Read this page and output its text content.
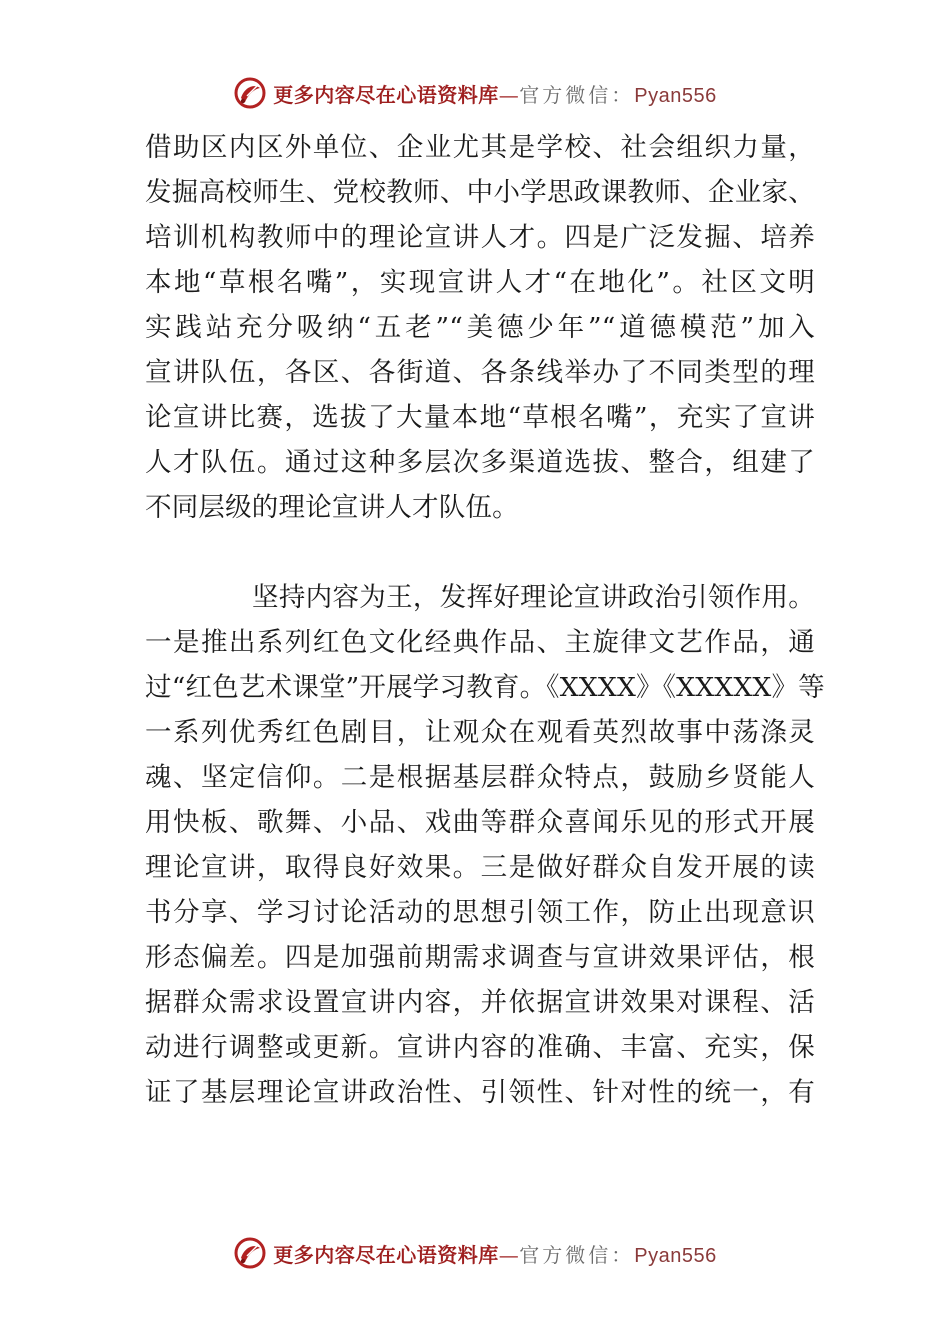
更多内容尽在心语资料库—官方微信：Pyan556
借助区内区外单位、企业尤其是学校、社会组织力量，
发掘高校师生、党校教师、中小学思政课教师、企业家、
培训机构教师中的理论宣讲人才。四是广泛发掘、培养
本地“草根名嘴”，实现宣讲人才“在地化”。社区文明
实践站充分吸纳“五老”“美德少年”“道德模范”加入
宣讲队伍，各区、各街道、各条线举办了不同类型的理
论宣讲比赛，选拔了大量本地“草根名嘴”，充实了宣讲
人才队伍。通过这种多层次多渠道选拔、整合，组建了
不同层级的理论宣讲人才队伍。
坚持内容为王，发挥好理论宣讲政治引领作用。
一是推出系列红色文化经典作品、主旋律文艺作品，通
过“红色艺术课堂”开展学习教育。《XXXX》《XXXXX》等
一系列优秀红色剧目，让观众在观看英烈故事中荡涤灵
魂、坚定信仰。二是根据基层群众特点，鼓励乡贤能人
用快板、歌舞、小品、戏曲等群众喜闻乐见的形式开展
理论宣讲，取得良好效果。三是做好群众自发开展的读
书分享、学习讨论活动的思想引领工作，防止出现意识
形态偏差。四是加强前期需求调查与宣讲效果评估，根
据群众需求设置宣讲内容，并依据宣讲效果对课程、活
动进行调整或更新。宣讲内容的准确、丰富、充实，保
证了基层理论宣讲政治性、引领性、针对性的统一，有
更多内容尽在心语资料库—官方微信：Pyan556
